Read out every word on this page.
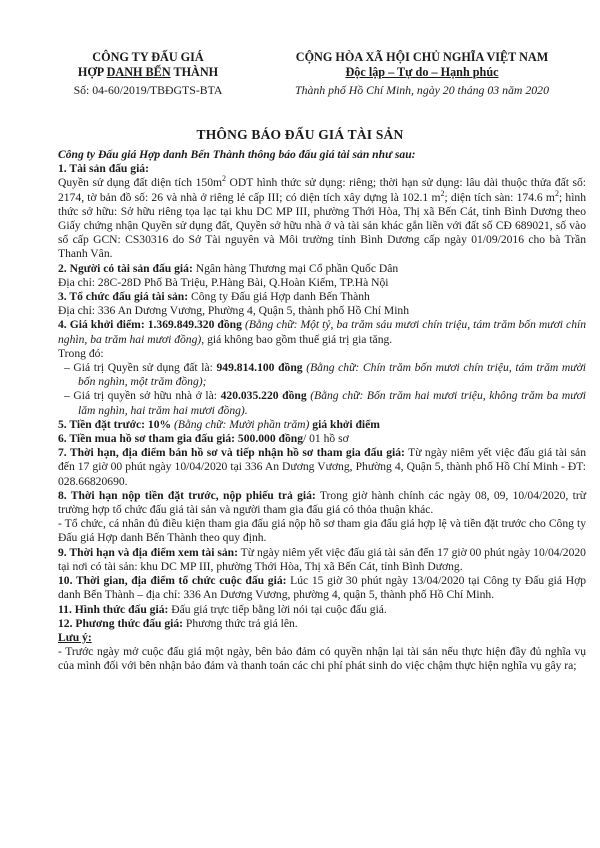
CÔNG TY ĐẤU GIÁ
HỢP DANH BẾN THÀNH
Số: 04-60/2019/TBĐGTS-BTA
CỘNG HÒA XÃ HỘI CHỦ NGHĨA VIỆT NAM
Độc lập – Tự do – Hạnh phúc
Thành phố Hồ Chí Minh, ngày 20 tháng 03 năm 2020
THÔNG BÁO ĐẤU GIÁ TÀI SẢN

Công ty Đấu giá Hợp danh Bến Thành thông báo đấu giá tài sản như sau:

1. Tài sản đấu giá:

Quyền sử dụng đất diện tích $150m^2$ ODT hình thức sử dụng: riêng; thời hạn sử dụng: lâu dài thuộc thửa đất số: 2174, tờ bản đồ số: 26 và nhà ở riêng lẻ cấp III; có diện tích xây dựng là 102.1 $m^2$; diện tích sàn: 174.6 $m^2$; hình thức sở hữu: Sở hữu riêng tọa lạc tại khu DC MP III, phường Thới Hòa, Thị xã Bến Cát, tỉnh Bình Dương theo Giấy chứng nhận Quyền sử dụng đất, Quyền sở hữu nhà ở và tài sản khác gắn liền với đất số CĐ 689021, số vào sổ cấp GCN: CS30316 do Sở Tài nguyên và Môi trường tỉnh Bình Dương cấp ngày 01/09/2016 cho bà Trần Thanh Vân.

2. Người có tài sản đấu giá: Ngân hàng Thương mại Cổ phần Quốc Dân

Địa chỉ: 28C-28D Phố Bà Triệu, P.Hàng Bài, Q.Hoàn Kiếm, TP.Hà Nội

3. Tổ chức đấu giá tài sản: Công ty Đấu giá Hợp danh Bến Thành

Địa chỉ: 336 An Dương Vương, Phường 4, Quận 5, thành phố Hồ Chí Minh

4. Giá khởi điểm: 1.369.849.320 đồng (Bằng chữ: Một tỷ, ba trăm sáu mươi chín triệu, tám trăm bốn mươi chín nghìn, ba trăm hai mươi đồng), giá không bao gồm thuế giá trị gia tăng.

Trong đó:

– Giá trị Quyền sử dụng đất là: 949.814.100 đồng (Bằng chữ: Chín trăm bốn mươi chín triệu, tám trăm mười bốn nghìn, một trăm đồng);

– Giá trị quyền sở hữu nhà ở là: 420.035.220 đồng (Bằng chữ: Bốn trăm hai mươi triệu, không trăm ba mươi lăm nghìn, hai trăm hai mươi đồng).

5. Tiền đặt trước: 10% (Bằng chữ: Mười phần trăm) giá khởi điểm

6. Tiền mua hồ sơ tham gia đấu giá: 500.000 đồng/ 01 hồ sơ

7. Thời hạn, địa điểm bán hồ sơ và tiếp nhận hồ sơ tham gia đấu giá: Từ ngày niêm yết việc đấu giá tài sản đến 17 giờ 00 phút ngày 10/04/2020 tại 336 An Dương Vương, Phường 4, Quận 5, thành phố Hồ Chí Minh - ĐT: 028.66820690.

8. Thời hạn nộp tiền đặt trước, nộp phiếu trả giá: Trong giờ hành chính các ngày 08, 09, 10/04/2020, trừ trường hợp tổ chức đấu giá tài sản và người tham gia đấu giá có thỏa thuận khác.

- Tổ chức, cá nhân đủ điều kiện tham gia đấu giá nộp hồ sơ tham gia đấu giá hợp lệ và tiền đặt trước cho Công ty Đấu giá Hợp danh Bến Thành theo quy định.

9. Thời hạn và địa điểm xem tài sản: Từ ngày niêm yết việc đấu giá tài sản đến 17 giờ 00 phút ngày 10/04/2020 tại nơi có tài sản: khu DC MP III, phường Thới Hòa, Thị xã Bến Cát, tỉnh Bình Dương.

10. Thời gian, địa điểm tổ chức cuộc đấu giá: Lúc 15 giờ 30 phút ngày 13/04/2020 tại Công ty Đấu giá Hợp danh Bến Thành – địa chỉ: 336 An Dương Vương, phường 4, quận 5, thành phố Hồ Chí Minh.

11. Hình thức đấu giá: Đấu giá trực tiếp bằng lời nói tại cuộc đấu giá.

12. Phương thức đấu giá: Phương thức trả giá lên.

Lưu ý:

- Trước ngày mở cuộc đấu giá một ngày, bên bảo đảm có quyền nhận lại tài sản nếu thực hiện đầy đủ nghĩa vụ của mình đối với bên nhận bảo đảm và thanh toán các chi phí phát sinh do việc chậm thực hiện nghĩa vụ gây ra;
